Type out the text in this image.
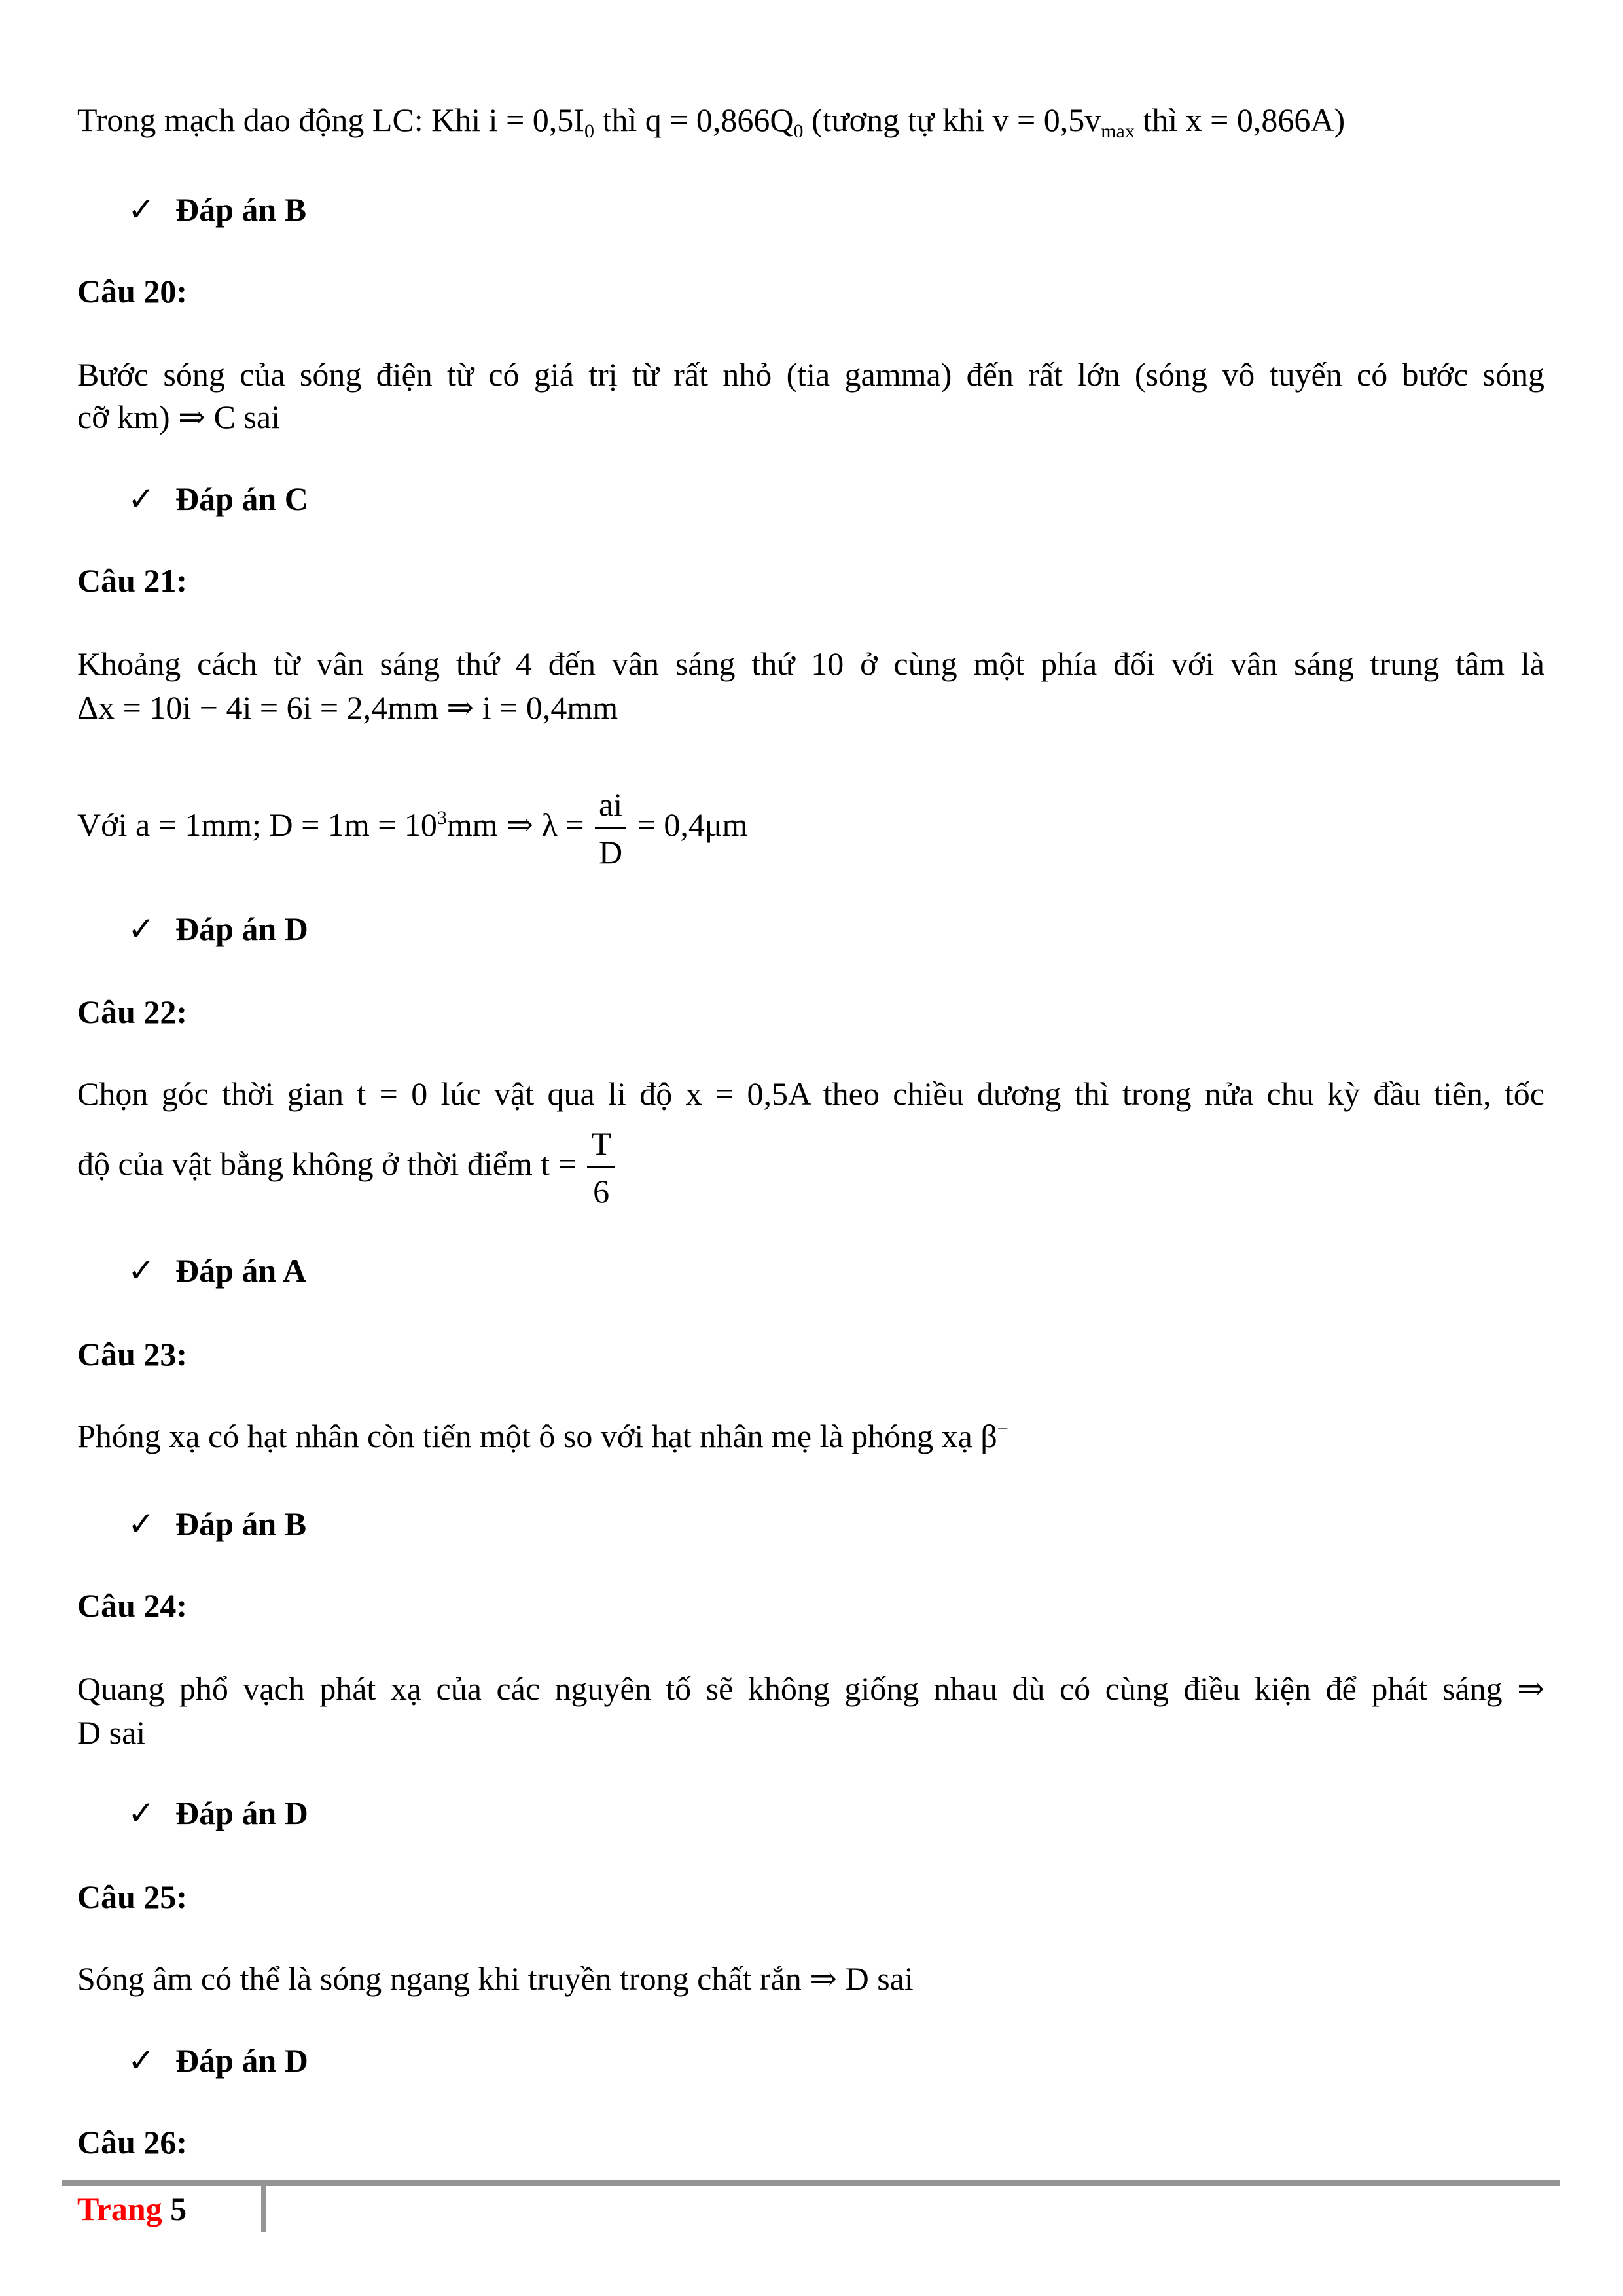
Trong mạch dao động LC: Khi $i = 0,5I_0$ thì $q = 0,866Q_0$ (tương tự khi $v = 0,5v_{max}$ thì x = 0,866A)
✓ Đáp án B
Câu 20:
Bước sóng của sóng điện từ có giá trị từ rất nhỏ (tia gamma) đến rất lớn (sóng vô tuyến có bước sóng
cỡ km) ⇒ C sai
✓ Đáp án C
Câu 21:
Khoảng cách từ vân sáng thứ 4 đến vân sáng thứ 10 ở cùng một phía đối với vân sáng trung tâm là
Δx = 10i − 4i = 6i = 2,4mm ⇒ i = 0,4mm
Với a = 1mm; $D = 1m = 10^3mm$ ⇒ $\lambda = \frac{ai}{D} = 0,4\mu m$
✓ Đáp án D
Câu 22:
Chọn góc thời gian t = 0 lúc vật qua li độ x = 0,5A theo chiều dương thì trong nửa chu kỳ đầu tiên, tốc
độ của vật bằng không ở thời điểm $t = \frac{T}{6}$
✓ Đáp án A
Câu 23:
Phóng xạ có hạt nhân còn tiến một ô so với hạt nhân mẹ là phóng xạ β−
✓ Đáp án B
Câu 24:
Quang phổ vạch phát xạ của các nguyên tố sẽ không giống nhau dù có cùng điều kiện để phát sáng ⇒
D sai
✓ Đáp án D
Câu 25:
Sóng âm có thể là sóng ngang khi truyền trong chất rắn ⇒ D sai
✓ Đáp án D
Câu 26:
Trang 5
